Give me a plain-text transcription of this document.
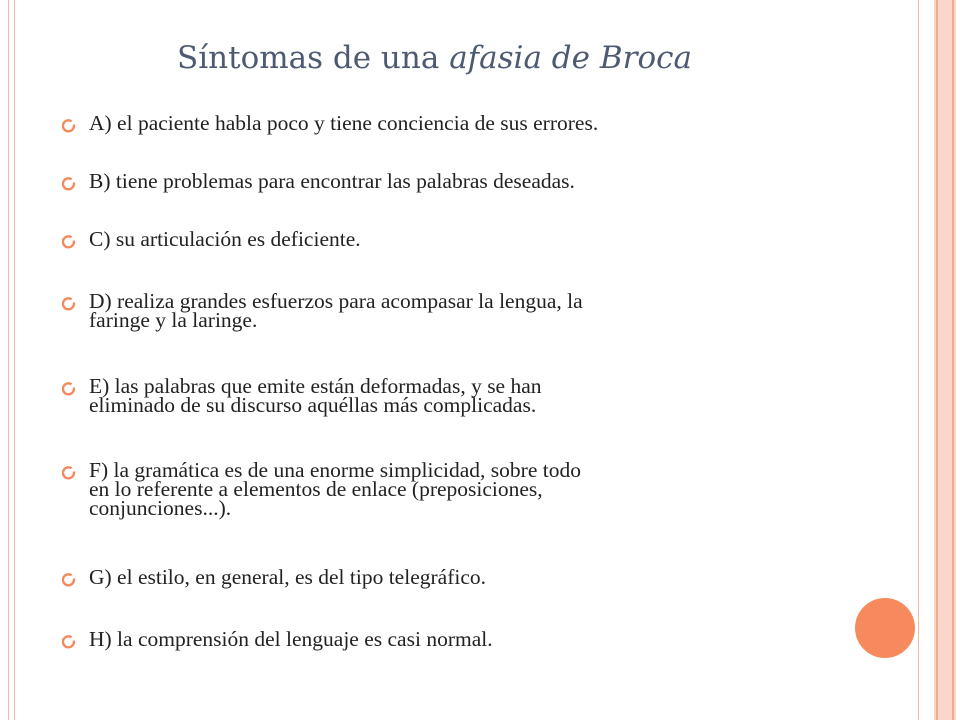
Síntomas de una afasia de Broca
A) el paciente habla poco y tiene conciencia de sus errores.
B) tiene problemas para encontrar las palabras deseadas.
C) su articulación es deficiente.
D) realiza grandes esfuerzos para acompasar la lengua, la
faringe y la laringe.
E) las palabras que emite están deformadas, y se han
eliminado de su discurso aquéllas más complicadas.
F) la gramática es de una enorme simplicidad, sobre todo
en lo referente a elementos de enlace (preposiciones,
conjunciones...).
G) el estilo, en general, es del tipo telegráfico.
H) la comprensión del lenguaje es casi normal.
